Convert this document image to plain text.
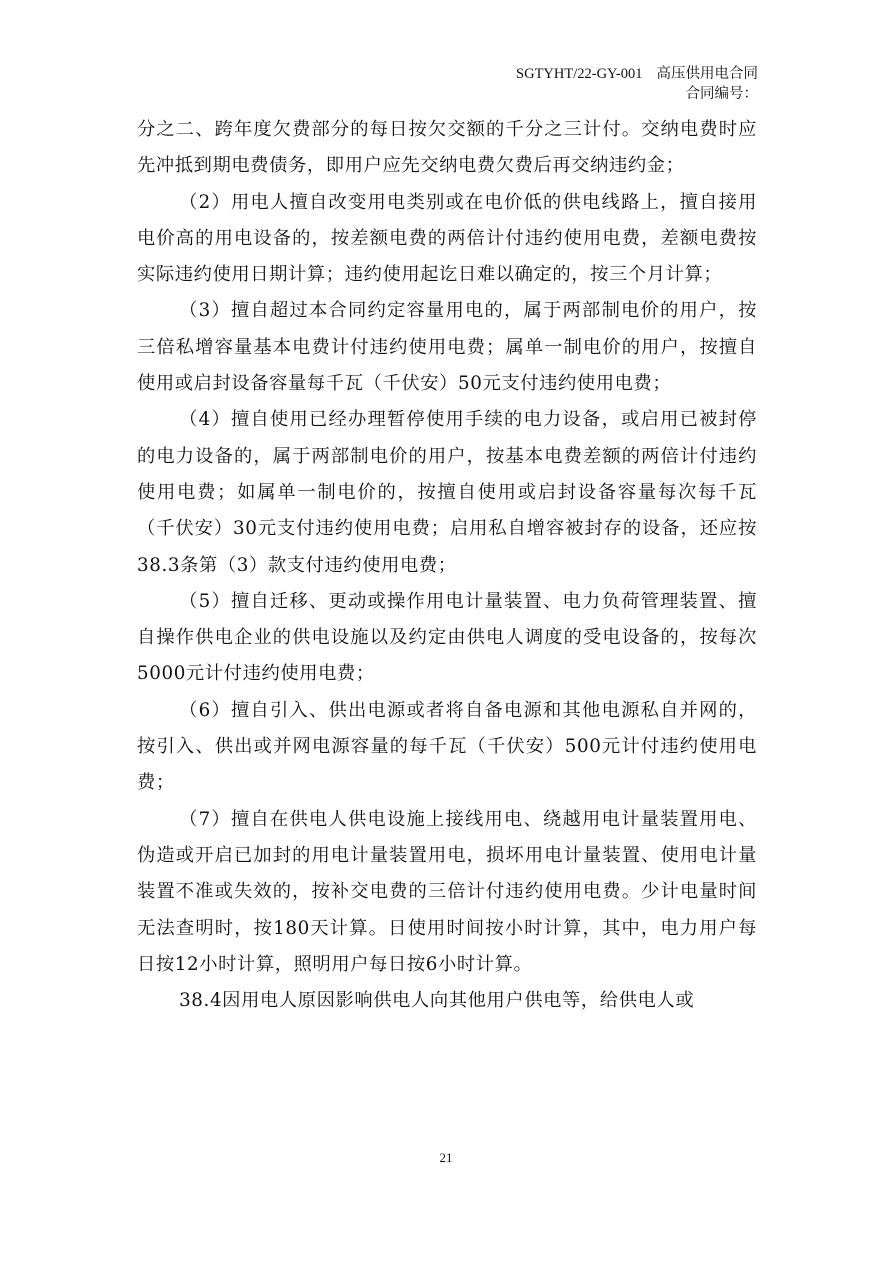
SGTYHT/22-GY-001 高压供用电合同
合同编号：

分之二、跨年度欠费部分的每日按欠交额的千分之三计付。交纳电费时应先冲抵到期电费债务，即用户应先交纳电费欠费后再交纳违约金；

（2）用电人擅自改变用电类别或在电价低的供电线路上，擅自接用电价高的用电设备的，按差额电费的两倍计付违约使用电费，差额电费按实际违约使用日期计算；违约使用起讫日难以确定的，按三个月计算；

（3）擅自超过本合同约定容量用电的，属于两部制电价的用户，按三倍私增容量基本电费计付违约使用电费；属单一制电价的用户，按擅自使用或启封设备容量每千瓦（千伏安）50元支付违约使用电费；

（4）擅自使用已经办理暂停使用手续的电力设备，或启用已被封停的电力设备的，属于两部制电价的用户，按基本电费差额的两倍计付违约使用电费；如属单一制电价的，按擅自使用或启封设备容量每次每千瓦（千伏安）30元支付违约使用电费；启用私自增容被封存的设备，还应按38.3条第（3）款支付违约使用电费；

（5）擅自迁移、更动或操作用电计量装置、电力负荷管理装置、擅自操作供电企业的供电设施以及约定由供电人调度的受电设备的，按每次5000元计付违约使用电费；

（6）擅自引入、供出电源或者将自备电源和其他电源私自并网的，按引入、供出或并网电源容量的每千瓦（千伏安）500元计付违约使用电费；

（7）擅自在供电人供电设施上接线用电、绕越用电计量装置用电、伪造或开启已加封的用电计量装置用电，损坏用电计量装置、使用电计量装置不准或失效的，按补交电费的三倍计付违约使用电费。少计电量时间无法查明时，按180天计算。日使用时间按小时计算，其中，电力用户每日按12小时计算，照明用户每日按6小时计算。

38.4因用电人原因影响供电人向其他用户供电等，给供电人或

21
